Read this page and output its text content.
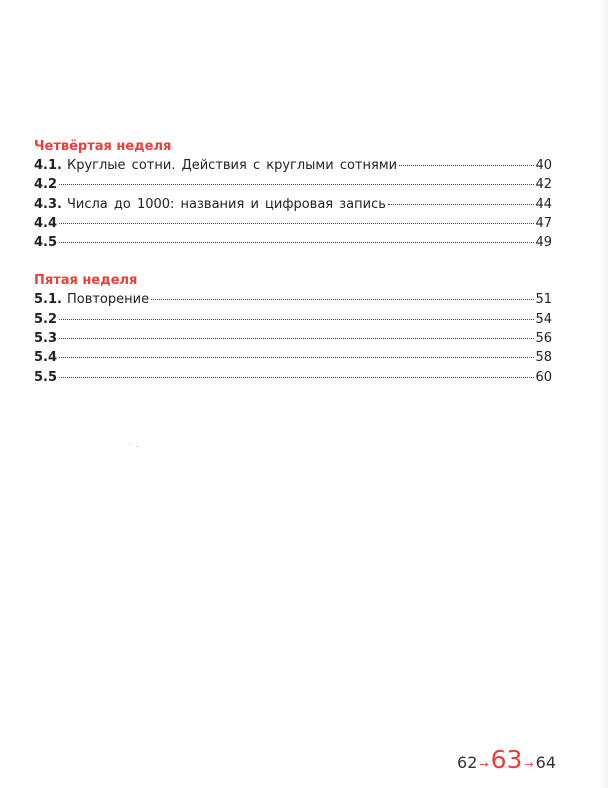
˙ ⁻
Четвёртая неделя
4.1. Круглые сотни. Действия с круглыми сотнями	40
4.2	42
4.3. Числа до 1000: названия и цифровая запись	44
4.4	47
4.5	49
Пятая неделя
5.1. Повторение	51
5.2	54
5.3	56
5.4	58
5.5	60
62 → 63 → 64
